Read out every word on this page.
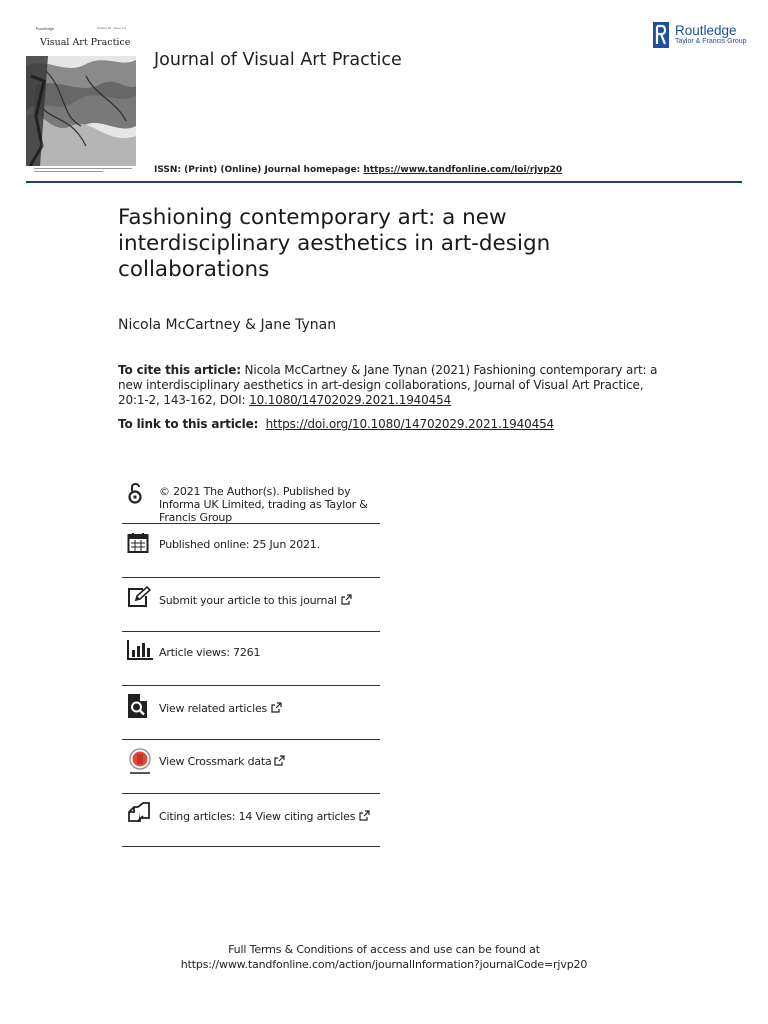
Routledge	Volume 20 · Issue 1-2
Visual Art Practice
Journal of Visual Art Practice
Routledge
Taylor & Francis Group
ISSN: (Print) (Online) Journal homepage: https://www.tandfonline.com/loi/rjvp20
Fashioning contemporary art: a new interdisciplinary aesthetics in art-design collaborations
Nicola McCartney & Jane Tynan
To cite this article: Nicola McCartney & Jane Tynan (2021) Fashioning contemporary art: a new interdisciplinary aesthetics in art-design collaborations, Journal of Visual Art Practice, 20:1-2, 143-162, DOI: 10.1080/14702029.2021.1940454
To link to this article: https://doi.org/10.1080/14702029.2021.1940454
© 2021 The Author(s). Published by Informa UK Limited, trading as Taylor & Francis Group
Published online: 25 Jun 2021.
Submit your article to this journal
Article views: 7261
View related articles
View Crossmark data
Citing articles: 14 View citing articles
Full Terms & Conditions of access and use can be found at
https://www.tandfonline.com/action/journalInformation?journalCode=rjvp20
